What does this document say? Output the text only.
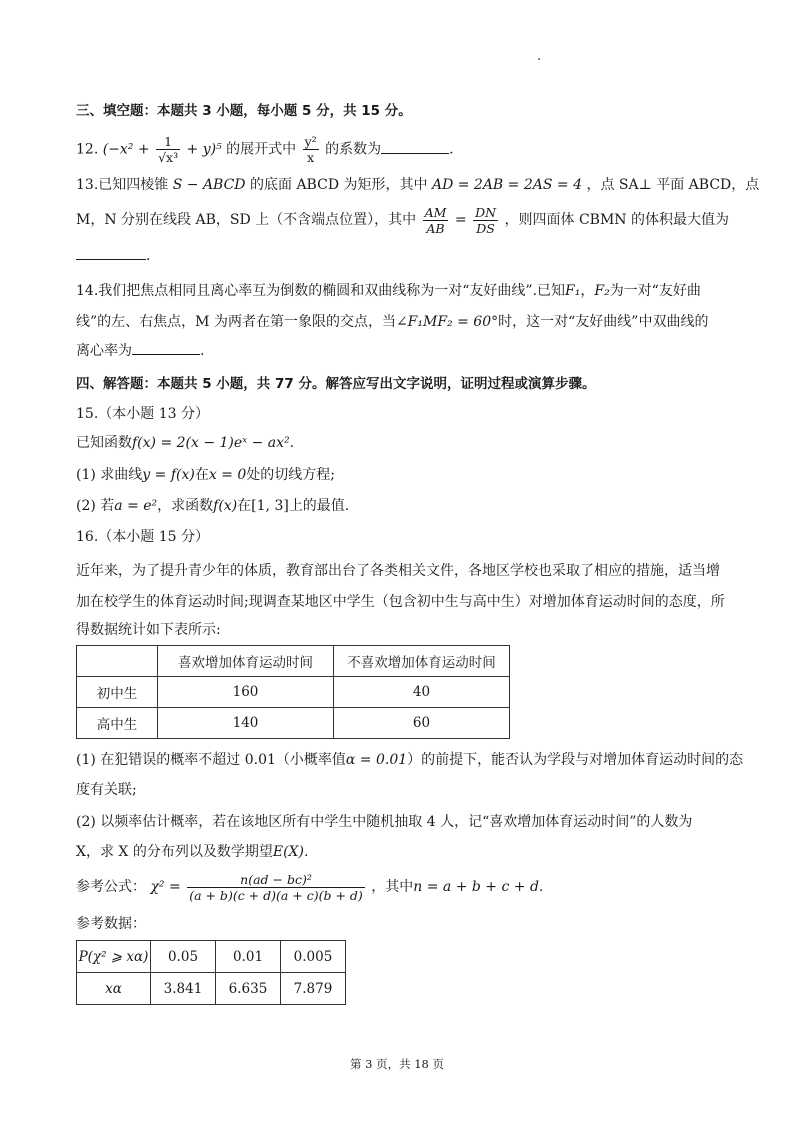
三、填空题：本题共 3 小题，每小题 5 分，共 15 分。
12. $(-x^2 + \frac{1}{\text{√x³}} + y)^5$ 的展开式中 $\frac{\text{y²}}{x}$ 的系数为	.
13.已知四棱锥 S − ABCD 的底面 ABCD 为矩形，其中 AD = 2AB = 2AS = 4 ，点 SA⊥ 平面 ABCD，点
M，N 分别在线段 AB，SD 上（不含端点位置），其中 $\frac{AM}{AB} = \frac{DN}{DS}$ ，则四面体 CBMN 的体积最大值为
.
14.我们把焦点相同且离心率互为倒数的椭圆和双曲线称为一对“友好曲线”.已知F₁，F₂为一对“友好曲
线”的左、右焦点，M 为两者在第一象限的交点，当∠F₁MF₂ = 60°时，这一对“友好曲线”中双曲线的
离心率为	.
四、解答题：本题共 5 小题，共 77 分。解答应写出文字说明，证明过程或演算步骤。
15.（本小题 13 分）
已知函数f(x) = 2(x − 1)eˣ − ax².
(1) 求曲线y = f(x)在x = 0处的切线方程;
(2) 若a = e²，求函数f(x)在[1, 3]上的最值.
16.（本小题 15 分）
近年来，为了提升青少年的体质，教育部出台了各类相关文件，各地区学校也采取了相应的措施，适当增
加在校学生的体育运动时间;现调查某地区中学生（包含初中生与高中生）对增加体育运动时间的态度，所
得数据统计如下表所示:
	喜欢增加体育运动时间	不喜欢增加体育运动时间
初中生	160	40
高中生	140	60
(1) 在犯错误的概率不超过 0.01（小概率值α = 0.01）的前提下，能否认为学段与对增加体育运动时间的态
度有关联;
(2) 以频率估计概率，若在该地区所有中学生中随机抽取 4 人，记“喜欢增加体育运动时间”的人数为
X，求 X 的分布列以及数学期望E(X).
参考公式： $\chi^2 = \frac{\text{n(ad − bc)²}}{(a + b)(c + d)(a + c)(b + d)}$ ，其中n = a + b + c + d.
参考数据：
P(χ² ⩾ xα)	0.05	0.01	0.005
xα	3.841	6.635	7.879
第 3 页，共 18 页
